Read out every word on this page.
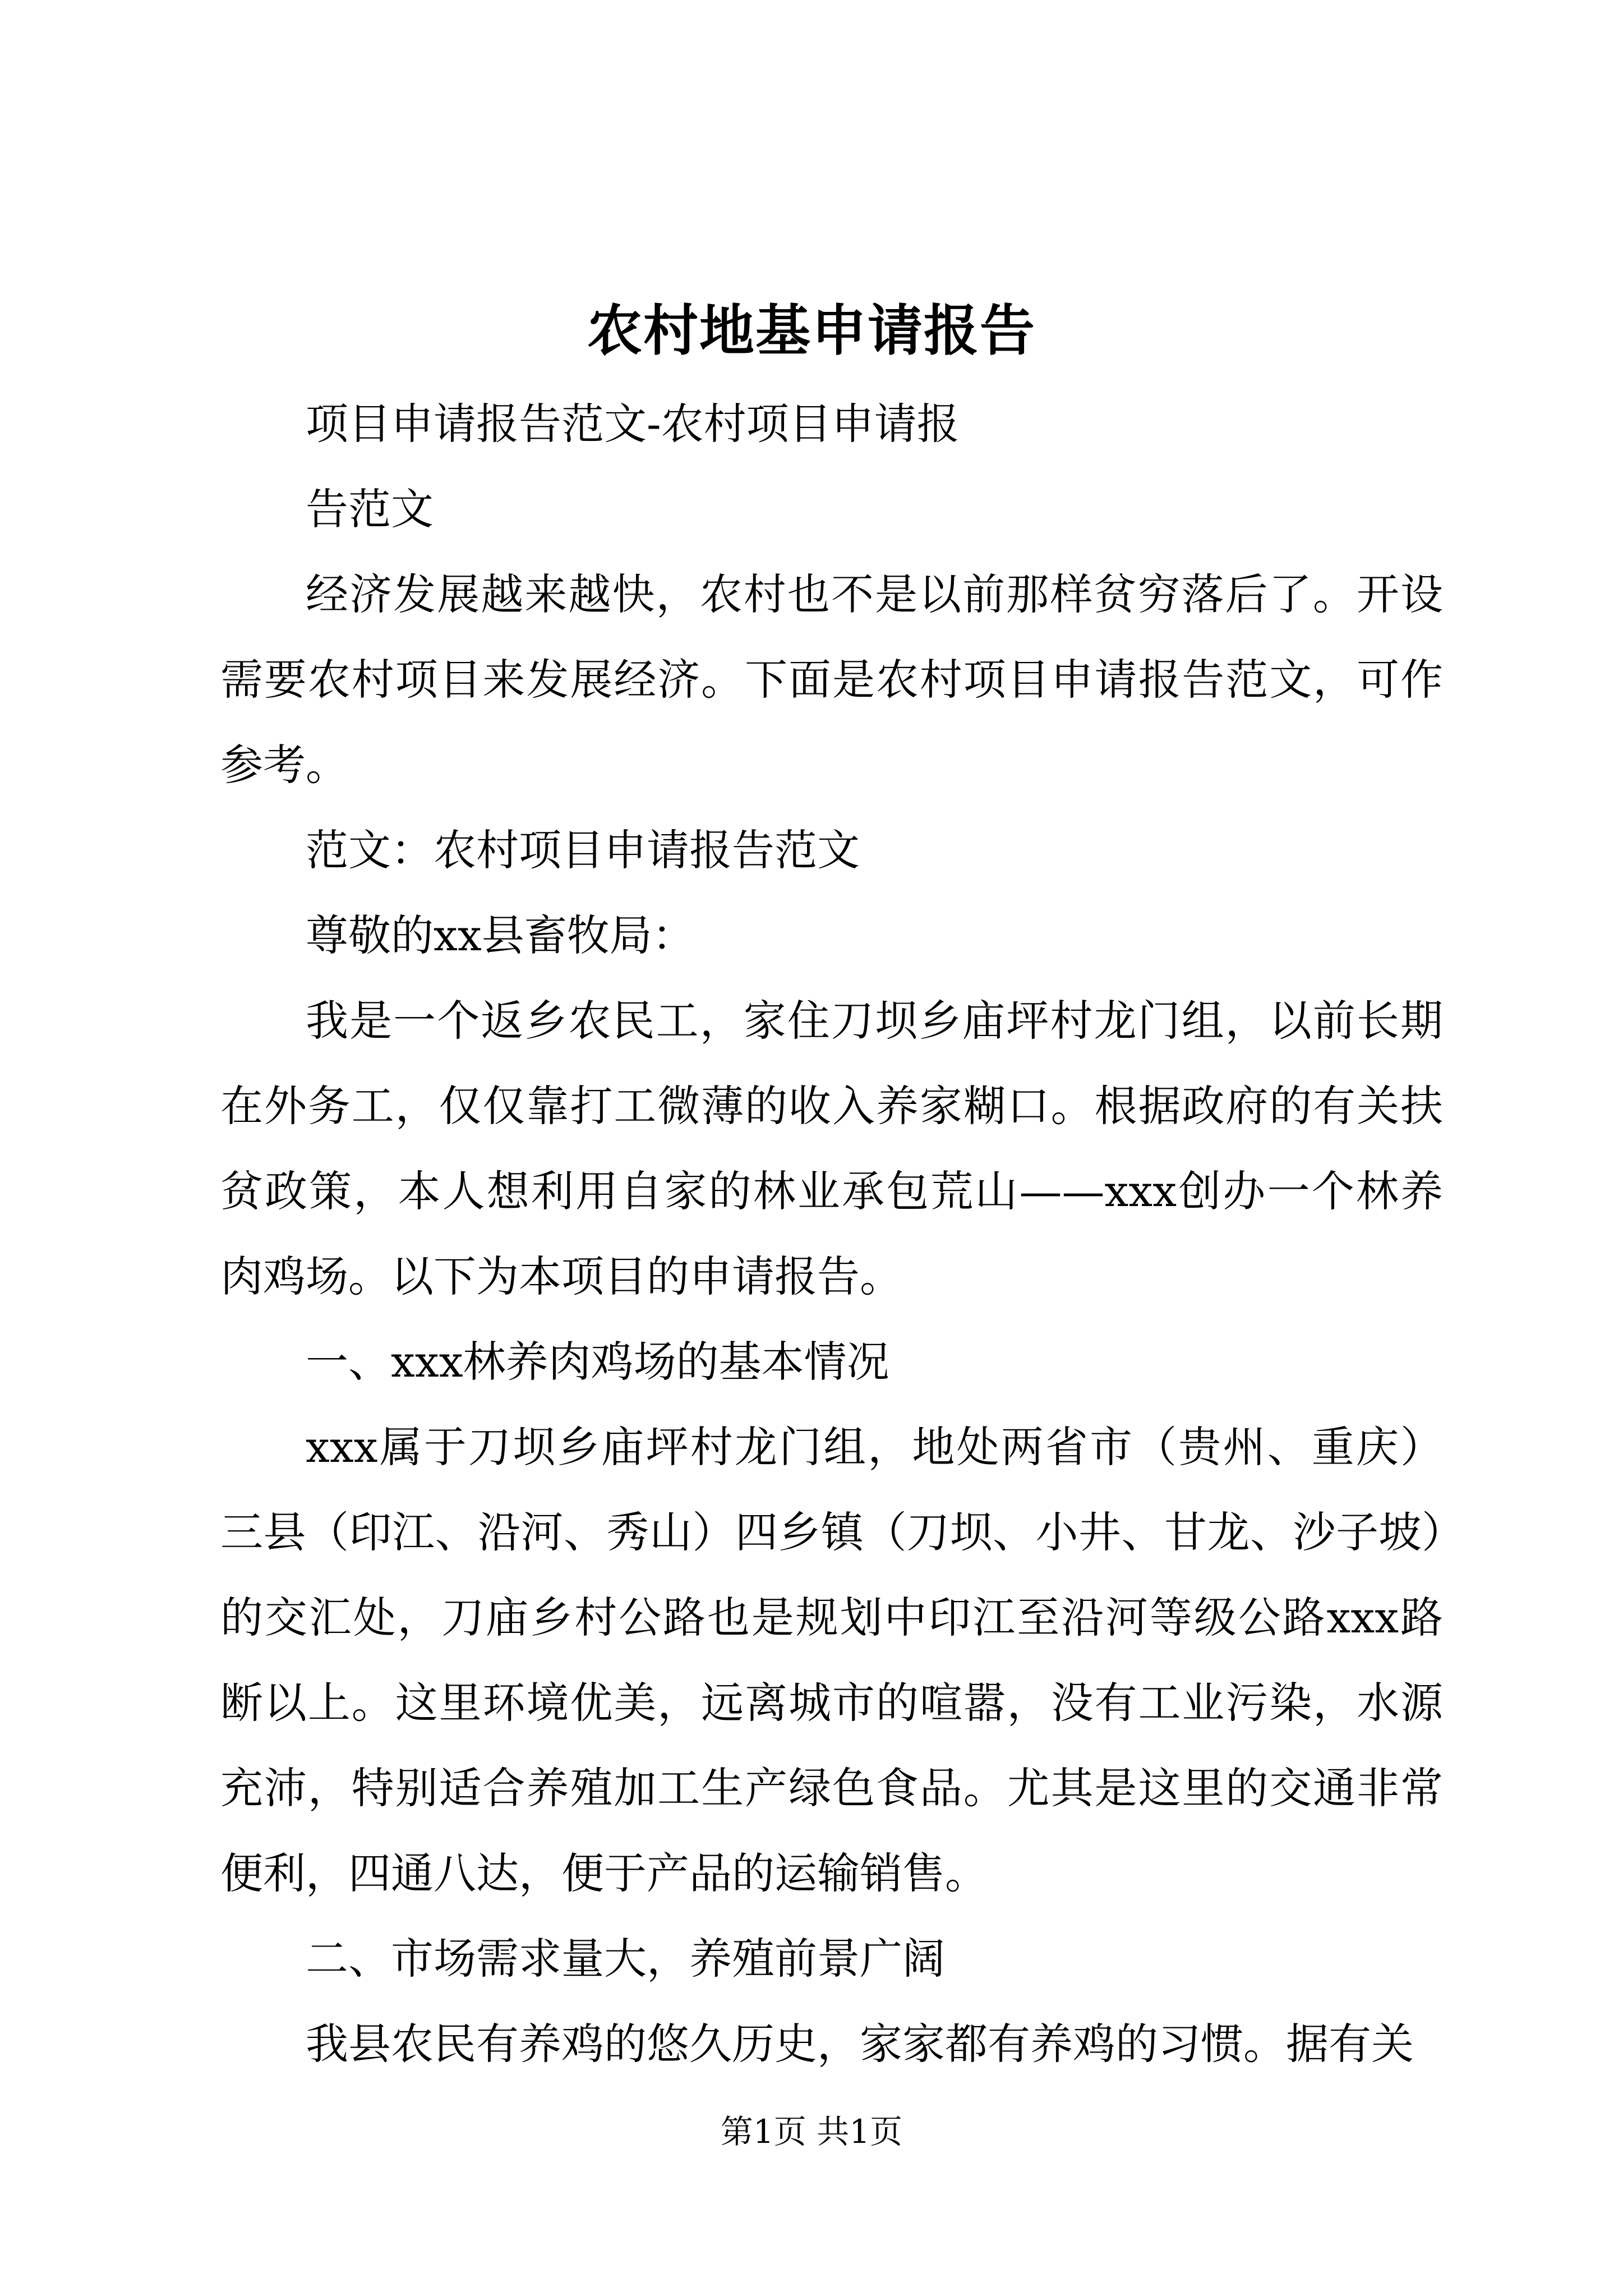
农村地基申请报告

项目申请报告范文-农村项目申请报

告范文

经济发展越来越快，农村也不是以前那样贫穷落后了。开设需要农村项目来发展经济。下面是农村项目申请报告范文，可作参考。

范文：农村项目申请报告范文

尊敬的xx县畜牧局：

我是一个返乡农民工，家住刀坝乡庙坪村龙门组，以前长期在外务工，仅仅靠打工微薄的收入养家糊口。根据政府的有关扶贫政策，本人想利用自家的林业承包荒山——xxx创办一个林养肉鸡场。以下为本项目的申请报告。

一、xxx林养肉鸡场的基本情况

xxx属于刀坝乡庙坪村龙门组，地处两省市（贵州、重庆）三县（印江、沿河、秀山）四乡镇（刀坝、小井、甘龙、沙子坡）的交汇处，刀庙乡村公路也是规划中印江至沿河等级公路xxx路断以上。这里环境优美，远离城市的喧嚣，没有工业污染，水源充沛，特别适合养殖加工生产绿色食品。尤其是这里的交通非常便利，四通八达，便于产品的运输销售。

二、市场需求量大，养殖前景广阔

我县农民有养鸡的悠久历史，家家都有养鸡的习惯。据有关

第1页 共1页
